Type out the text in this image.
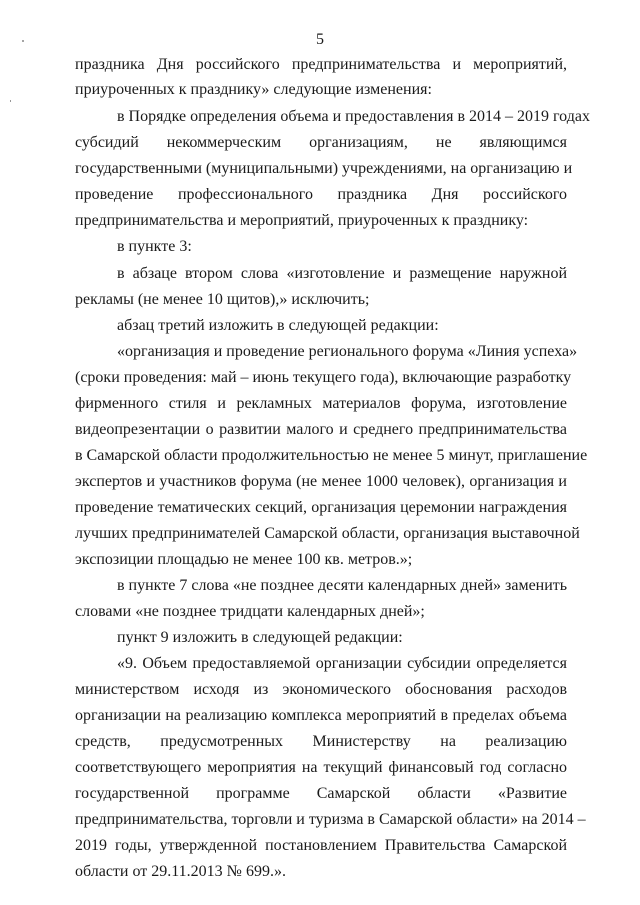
5
праздника Дня российского предпринимательства и мероприятий,
приуроченных к празднику» следующие изменения:
в Порядке определения объема и предоставления в 2014 – 2019 годах
субсидий некоммерческим организациям, не являющимся
государственными (муниципальными) учреждениями, на организацию и
проведение профессионального праздника Дня российского
предпринимательства и мероприятий, приуроченных к празднику:
в пункте 3:
в абзаце втором слова «изготовление и размещение наружной
рекламы (не менее 10 щитов),» исключить;
абзац третий изложить в следующей редакции:
«организация и проведение регионального форума «Линия успеха»
(сроки проведения: май – июнь текущего года), включающие разработку
фирменного стиля и рекламных материалов форума, изготовление
видеопрезентации о развитии малого и среднего предпринимательства
в Самарской области продолжительностью не менее 5 минут, приглашение
экспертов и участников форума (не менее 1000 человек), организация и
проведение тематических секций, организация церемонии награждения
лучших предпринимателей Самарской области, организация выставочной
экспозиции площадью не менее 100 кв. метров.»;
в пункте 7 слова «не позднее десяти календарных дней» заменить
словами «не позднее тридцати календарных дней»;
пункт 9 изложить в следующей редакции:
«9. Объем предоставляемой организации субсидии определяется
министерством исходя из экономического обоснования расходов
организации на реализацию комплекса мероприятий в пределах объема
средств, предусмотренных Министерству на реализацию
соответствующего мероприятия на текущий финансовый год согласно
государственной программе Самарской области «Развитие
предпринимательства, торговли и туризма в Самарской области» на 2014 –
2019 годы, утвержденной постановлением Правительства Самарской
области от 29.11.2013 № 699.».
